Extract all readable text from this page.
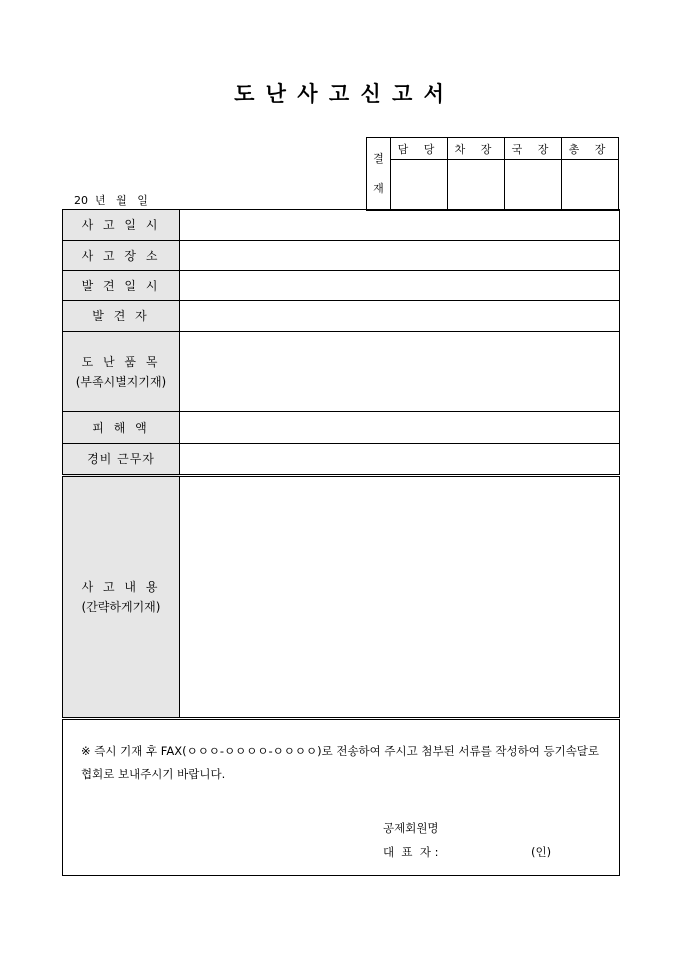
도 난 사 고 신 고 서
결
재	담 당	차 장	국 장	총 장

20  년   월   일
사 고 일 시	
사 고 장 소	
발 견 일 시	
발 견 자	
도 난 품 목
(부족시별지기재)	
피 해 액	
경비 근무자	
사 고 내 용
(간략하게기재)	
※ 즉시 기재 후 FAX(ㅇㅇㅇ-ㅇㅇㅇㅇ-ㅇㅇㅇㅇ)로 전송하여 주시고 첨부된 서류를 작성하여 등기속달로 협회로 보내주시기 바랍니다.
공제회원명
대  표  자 :	(인)
